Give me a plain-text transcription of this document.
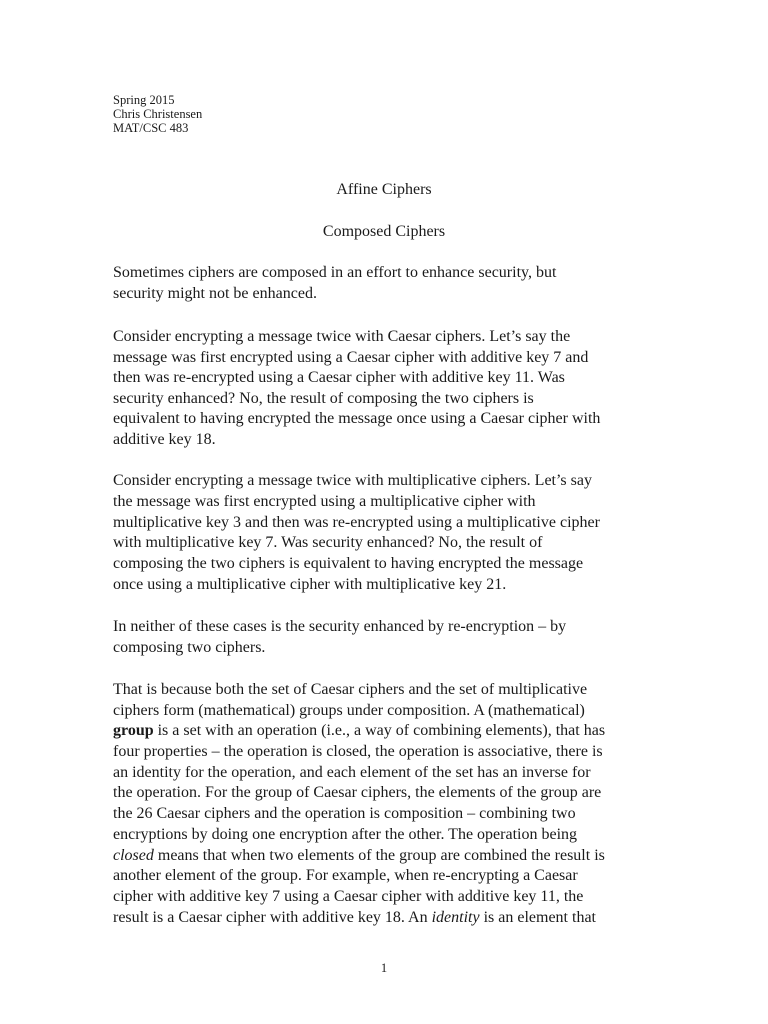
Spring 2015
Chris Christensen
MAT/CSC 483
Affine Ciphers
Composed Ciphers
Sometimes ciphers are composed in an effort to enhance security, but
security might not be enhanced.
Consider encrypting a message twice with Caesar ciphers. Let’s say the
message was first encrypted using a Caesar cipher with additive key 7 and
then was re-encrypted using a Caesar cipher with additive key 11. Was
security enhanced? No, the result of composing the two ciphers is
equivalent to having encrypted the message once using a Caesar cipher with
additive key 18.
Consider encrypting a message twice with multiplicative ciphers. Let’s say
the message was first encrypted using a multiplicative cipher with
multiplicative key 3 and then was re-encrypted using a multiplicative cipher
with multiplicative key 7. Was security enhanced? No, the result of
composing the two ciphers is equivalent to having encrypted the message
once using a multiplicative cipher with multiplicative key 21.
In neither of these cases is the security enhanced by re-encryption – by
composing two ciphers.
That is because both the set of Caesar ciphers and the set of multiplicative
ciphers form (mathematical) groups under composition. A (mathematical)
group is a set with an operation (i.e., a way of combining elements), that has
four properties – the operation is closed, the operation is associative, there is
an identity for the operation, and each element of the set has an inverse for
the operation. For the group of Caesar ciphers, the elements of the group are
the 26 Caesar ciphers and the operation is composition – combining two
encryptions by doing one encryption after the other. The operation being
closed means that when two elements of the group are combined the result is
another element of the group. For example, when re-encrypting a Caesar
cipher with additive key 7 using a Caesar cipher with additive key 11, the
result is a Caesar cipher with additive key 18. An identity is an element that
1
